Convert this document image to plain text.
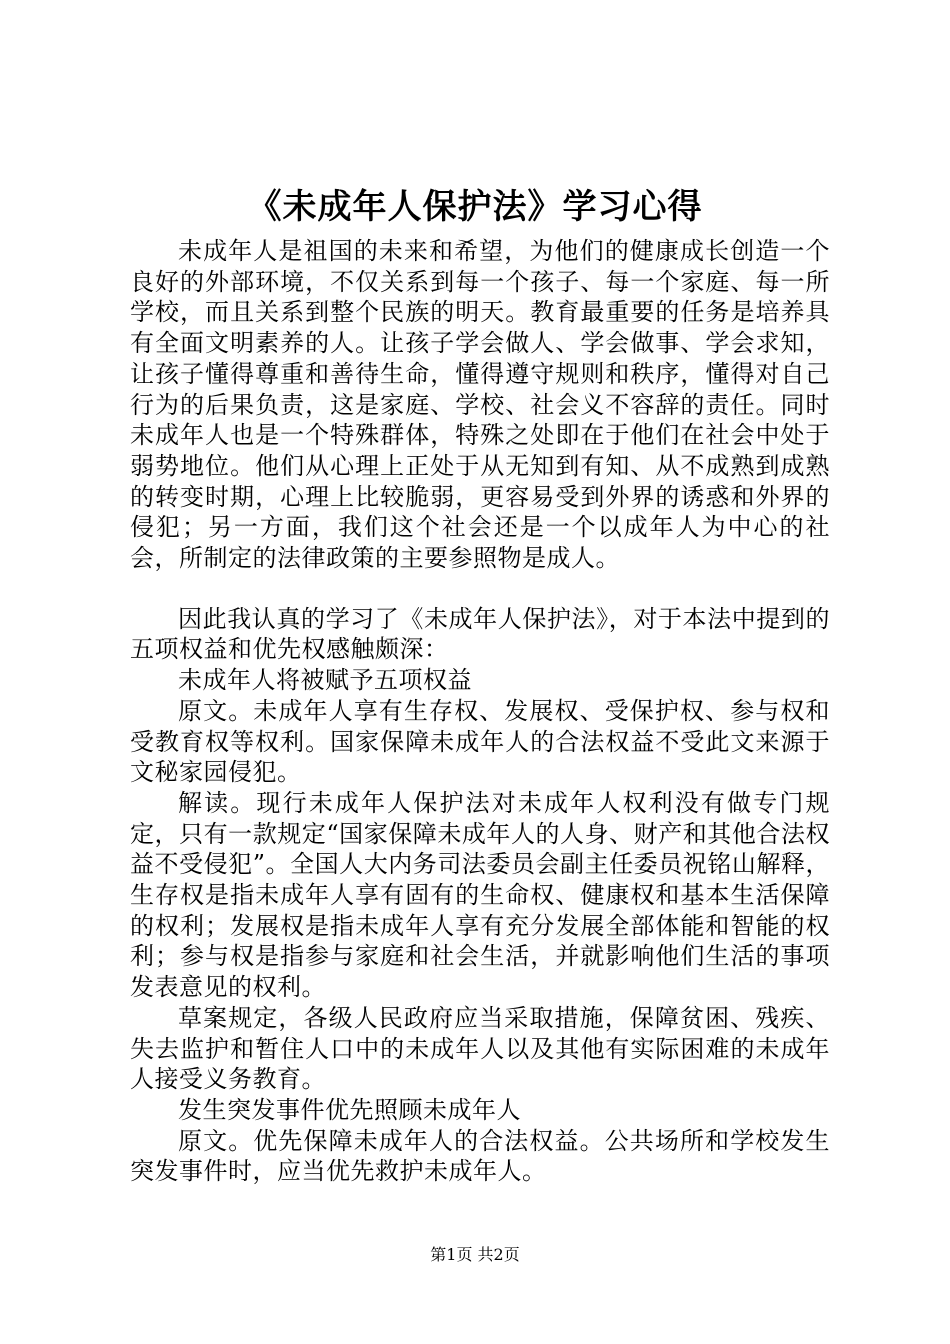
《未成年人保护法》学习心得

未成年人是祖国的未来和希望，为他们的健康成长创造一个良好的外部环境，不仅关系到每一个孩子、每一个家庭、每一所学校，而且关系到整个民族的明天。教育最重要的任务是培养具有全面文明素养的人。让孩子学会做人、学会做事、学会求知，让孩子懂得尊重和善待生命，懂得遵守规则和秩序，懂得对自己行为的后果负责，这是家庭、学校、社会义不容辞的责任。同时未成年人也是一个特殊群体，特殊之处即在于他们在社会中处于弱势地位。他们从心理上正处于从无知到有知、从不成熟到成熟的转变时期，心理上比较脆弱，更容易受到外界的诱惑和外界的侵犯；另一方面，我们这个社会还是一个以成年人为中心的社会，所制定的法律政策的主要参照物是成人。

因此我认真的学习了《未成年人保护法》，对于本法中提到的五项权益和优先权感触颇深：

未成年人将被赋予五项权益

原文。未成年人享有生存权、发展权、受保护权、参与权和受教育权等权利。国家保障未成年人的合法权益不受此文来源于文秘家园侵犯。

解读。现行未成年人保护法对未成年人权利没有做专门规定，只有一款规定“国家保障未成年人的人身、财产和其他合法权益不受侵犯”。全国人大内务司法委员会副主任委员祝铭山解释，生存权是指未成年人享有固有的生命权、健康权和基本生活保障的权利；发展权是指未成年人享有充分发展全部体能和智能的权利；参与权是指参与家庭和社会生活，并就影响他们生活的事项发表意见的权利。

草案规定，各级人民政府应当采取措施，保障贫困、残疾、失去监护和暂住人口中的未成年人以及其他有实际困难的未成年人接受义务教育。

发生突发事件优先照顾未成年人

原文。优先保障未成年人的合法权益。公共场所和学校发生突发事件时，应当优先救护未成年人。

第1页 共2页
